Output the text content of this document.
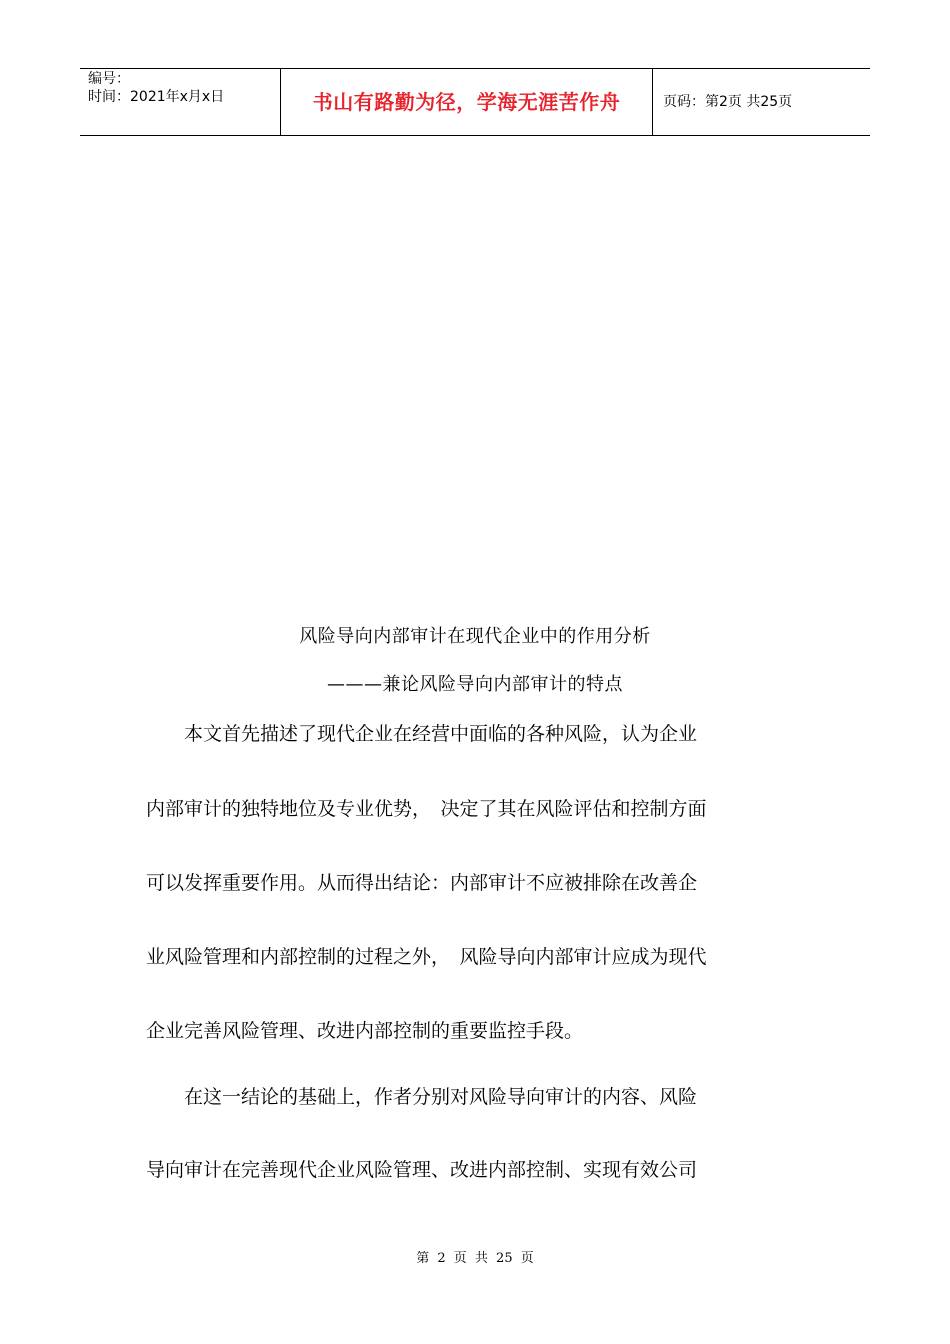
编号：
时间：2021年x月x日	书山有路勤为径，学海无涯苦作舟	页码：第2页 共25页
风险导向内部审计在现代企业中的作用分析
———兼论风险导向内部审计的特点
　　本文首先描述了现代企业在经营中面临的各种风险，认为企业
内部审计的独特地位及专业优势，　决定了其在风险评估和控制方面
可以发挥重要作用。从而得出结论：内部审计不应被排除在改善企
业风险管理和内部控制的过程之外，　风险导向内部审计应成为现代
企业完善风险管理、改进内部控制的重要监控手段。
　　在这一结论的基础上，作者分别对风险导向审计的内容、风险
导向审计在完善现代企业风险管理、改进内部控制、实现有效公司
第 2 页 共 25 页
